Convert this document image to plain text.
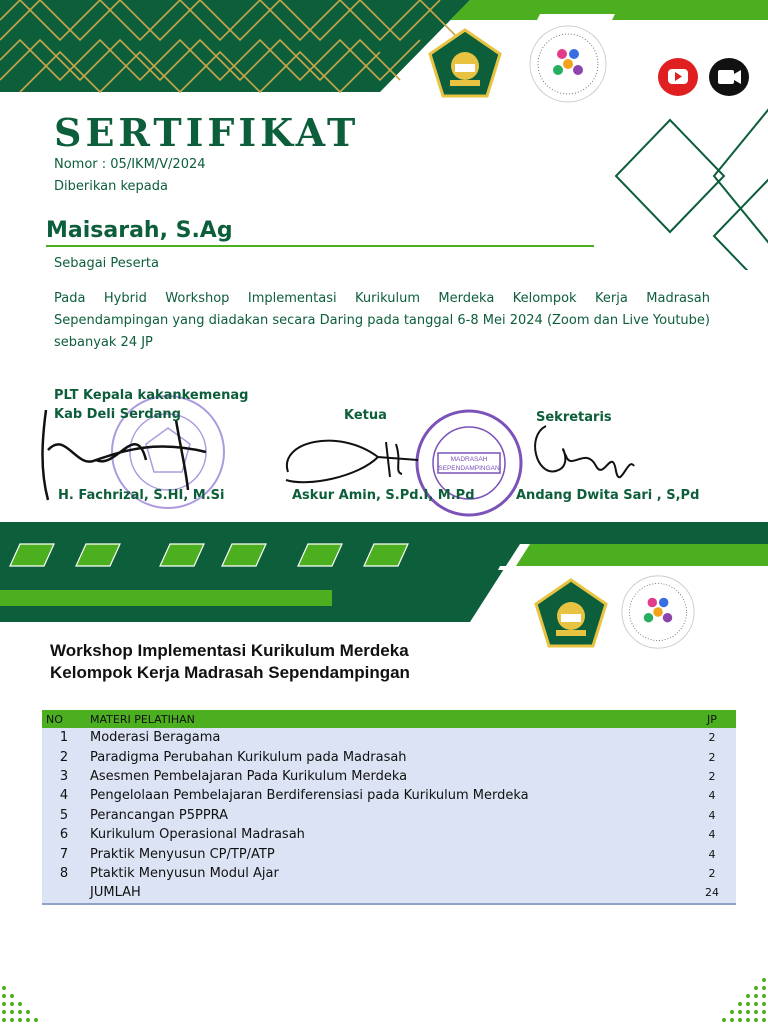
SERTIFIKAT
Nomor : 05/IKM/V/2024
Diberikan kepada
Maisarah, S.Ag
Sebagai Peserta
Pada Hybrid Workshop Implementasi Kurikulum Merdeka Kelompok Kerja Madrasah Sependampingan yang diadakan secara Daring pada tanggal 6-8 Mei 2024 (Zoom dan Live Youtube) sebanyak 24 JP
MADRASAH
SEPENDAMPINGAN
PLT Kepala kakankemenag
Kab Deli Serdang
H. Fachrizal, S.HI, M.Si
Ketua
Askur Amin, S.Pd.I, M.Pd
Sekretaris
Andang Dwita Sari , S,Pd
Workshop Implementasi Kurikulum Merdeka
Kelompok Kerja Madrasah Sependampingan
NO	MATERI PELATIHAN	JP
1	Moderasi Beragama	2
2	Paradigma Perubahan Kurikulum pada Madrasah	2
3	Asesmen Pembelajaran Pada Kurikulum Merdeka	2
4	Pengelolaan Pembelajaran Berdiferensiasi pada Kurikulum Merdeka	4
5	Perancangan P5PPRA	4
6	Kurikulum Operasional Madrasah	4
7	Praktik Menyusun CP/TP/ATP	4
8	Ptaktik Menyusun Modul Ajar	2
	JUMLAH	24
